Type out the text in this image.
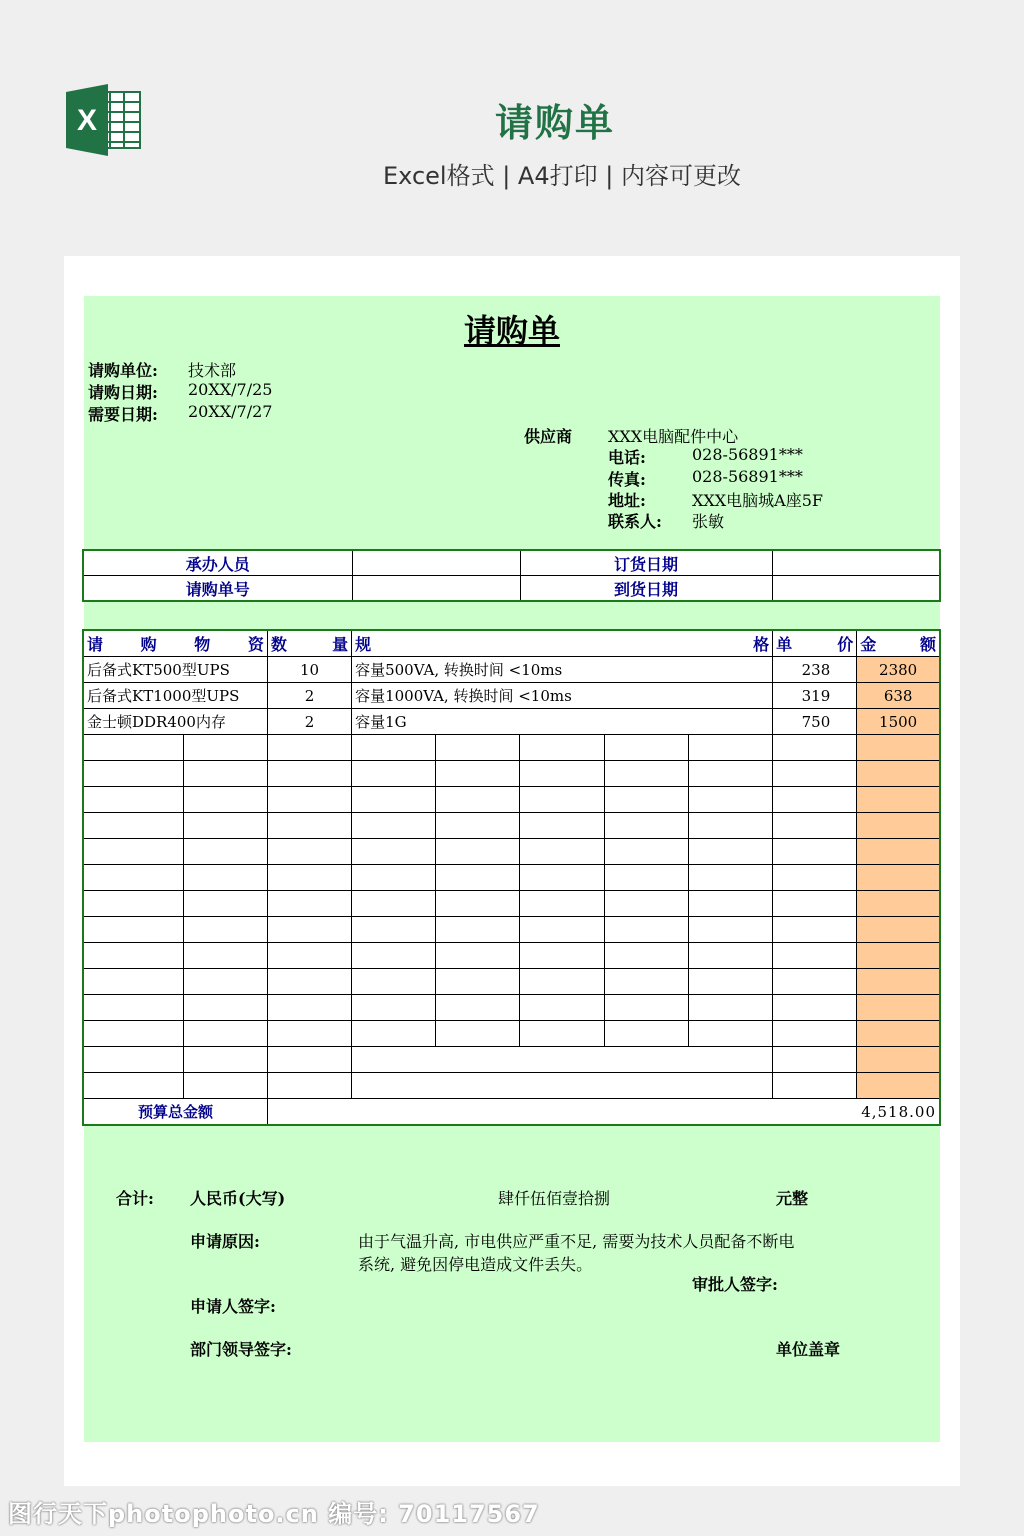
X	请购单
Excel格式 | A4打印 | 内容可更改
请购单
请购单位: 技术部
请购日期: 20XX/7/25
需要日期: 20XX/7/27
供应商 XXX电脑配件中心
电话:	028-56891***
传真:	028-56891***
地址:	XXX电脑城A座5F
联系人: 张敏
承办人员		订货日期	
请购单号		到货日期	
请 购 物 资		数 量	规 格					单 价	金 额

后备式KT500型UPS		10	容量500VA, 转换时间 <10ms					238	2380
后备式KT1000型UPS		2	容量1000VA, 转换时间 <10ms					319	638
金士顿DDR400内存		2	容量1G					750	1500

预算总金额		4,518.00							
合计: 人民币(大写)	肆仟伍佰壹拾捌	元整
申请原因:	由于气温升高, 市电供应严重不足, 需要为技术人员配备不断电
系统, 避免因停电造成文件丢失。
审批人签字:
申请人签字:
部门领导签字:	单位盖章
图行天下photophoto.cn 编号: 70117567
